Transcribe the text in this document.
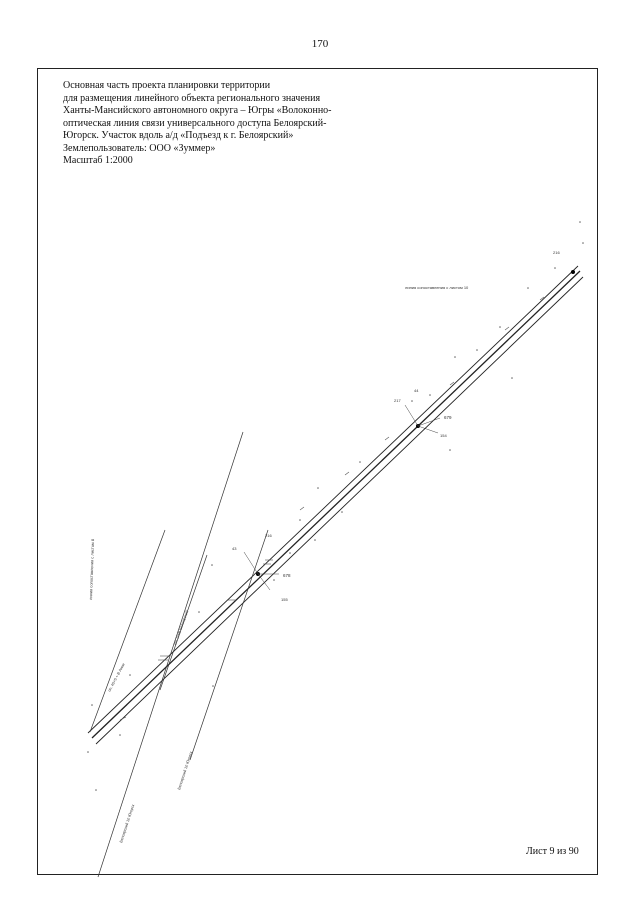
170
Основная часть проекта планировки территории
для размещения линейного объекта регионального значения
Ханты-Мансийского автономного округа – Югры «Волоконно-
оптическая линия связи универсального доступа Белоярский-
Югорск. Участок вдоль а/д «Подъезд к г. Белоярский»
Землепользователь: ООО «Зуммер»
Масштаб 1:2000
линия сопоставления с листом 10
линия сопоставления с листом 8
216
217
44
679
154
43
216
678
155
оп. 45+5 + В Анни
ВЛ 10кВ Белоярский
Белоярский 10 Югорск
Белоярский 10 Югорск
Лист 9 из 90
